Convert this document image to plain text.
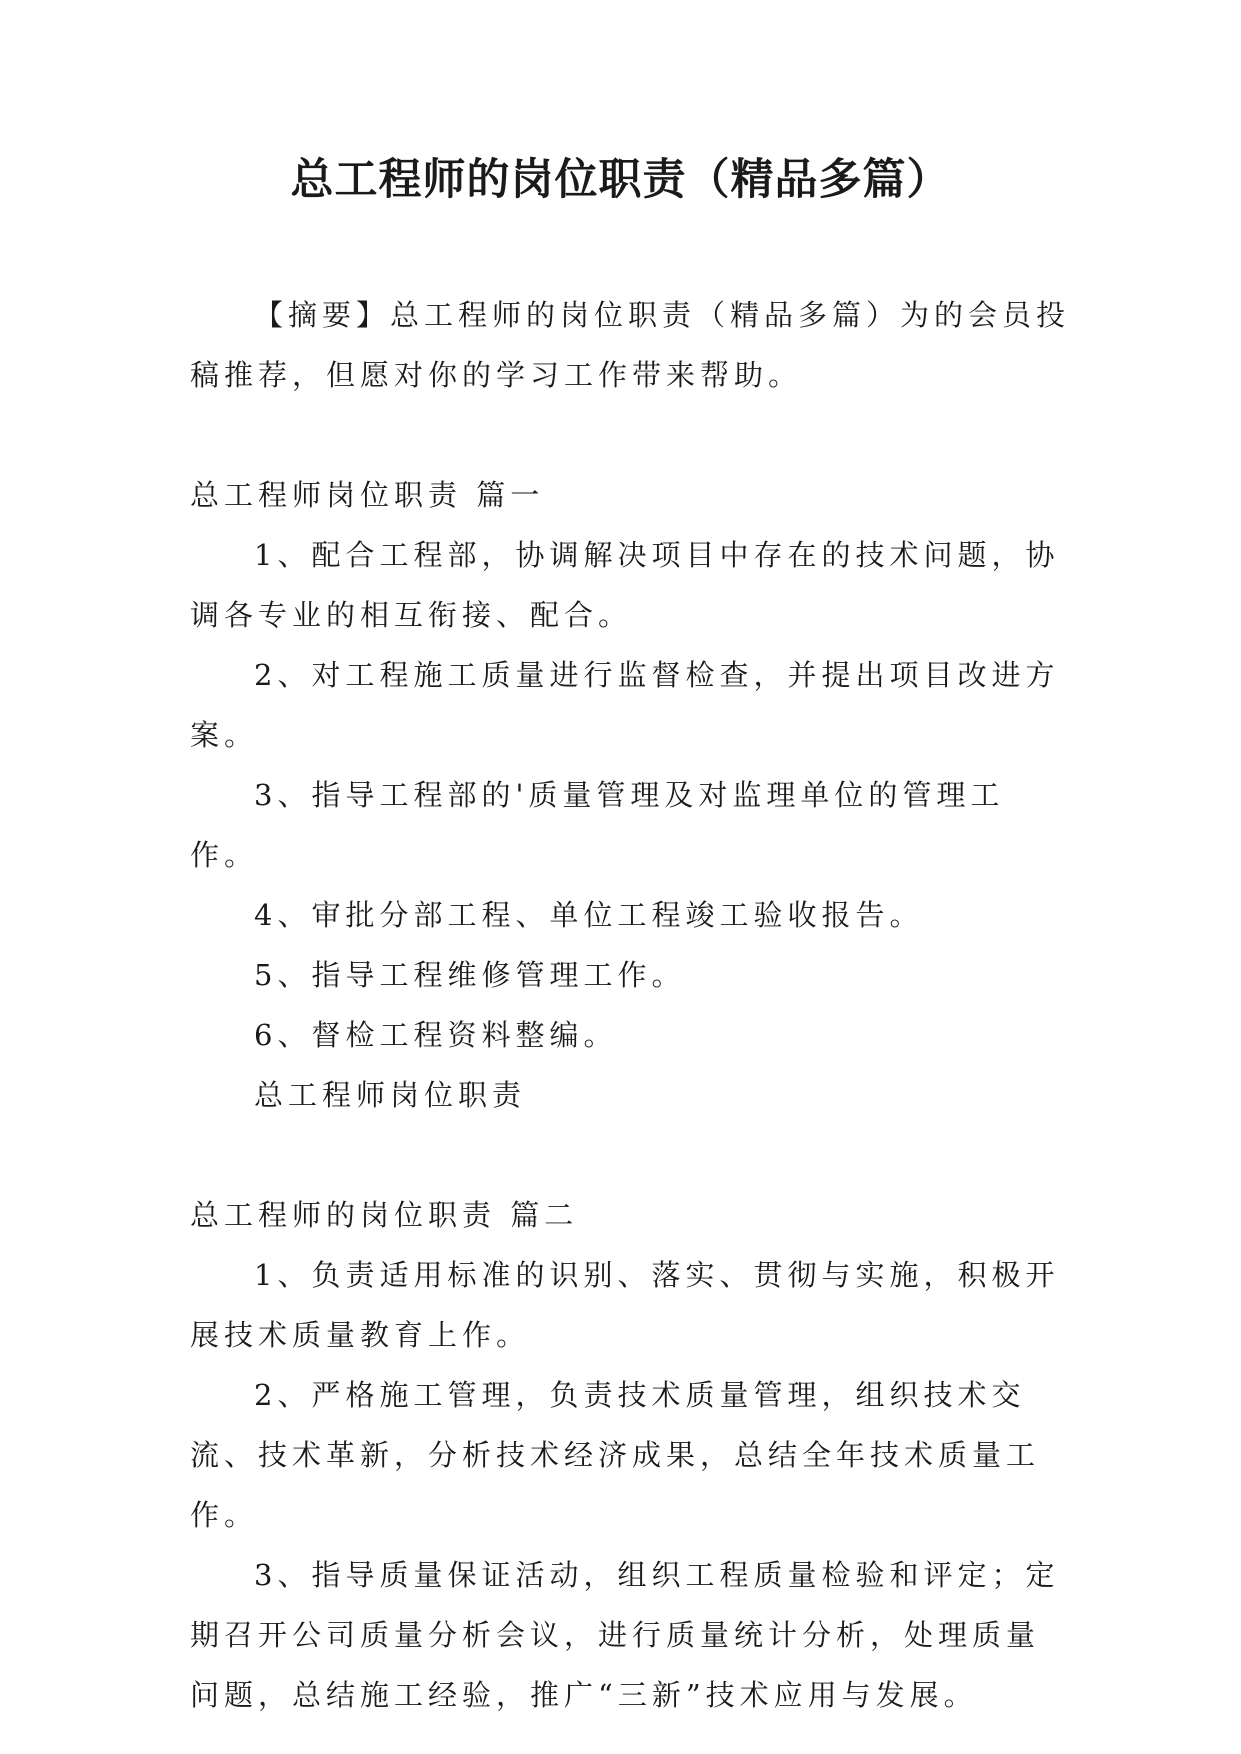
总工程师的岗位职责（精品多篇）

【摘要】总工程师的岗位职责（精品多篇）为的会员投稿推荐，但愿对你的学习工作带来帮助。

总工程师岗位职责 篇一

1、配合工程部，协调解决项目中存在的技术问题，协调各专业的相互衔接、配合。

2、对工程施工质量进行监督检查，并提出项目改进方案。

3、指导工程部的'质量管理及对监理单位的管理工作。

4、审批分部工程、单位工程竣工验收报告。

5、指导工程维修管理工作。

6、督检工程资料整编。

总工程师岗位职责

总工程师的岗位职责 篇二

1、负责适用标准的识别、落实、贯彻与实施，积极开展技术质量教育上作。

2、严格施工管理，负责技术质量管理，组织技术交流、技术革新，分析技术经济成果，总结全年技术质量工作。

3、指导质量保证活动，组织工程质量检验和评定；定期召开公司质量分析会议，进行质量统计分析，处理质量问题，总结施工经验，推广“三新”技术应用与发展。
